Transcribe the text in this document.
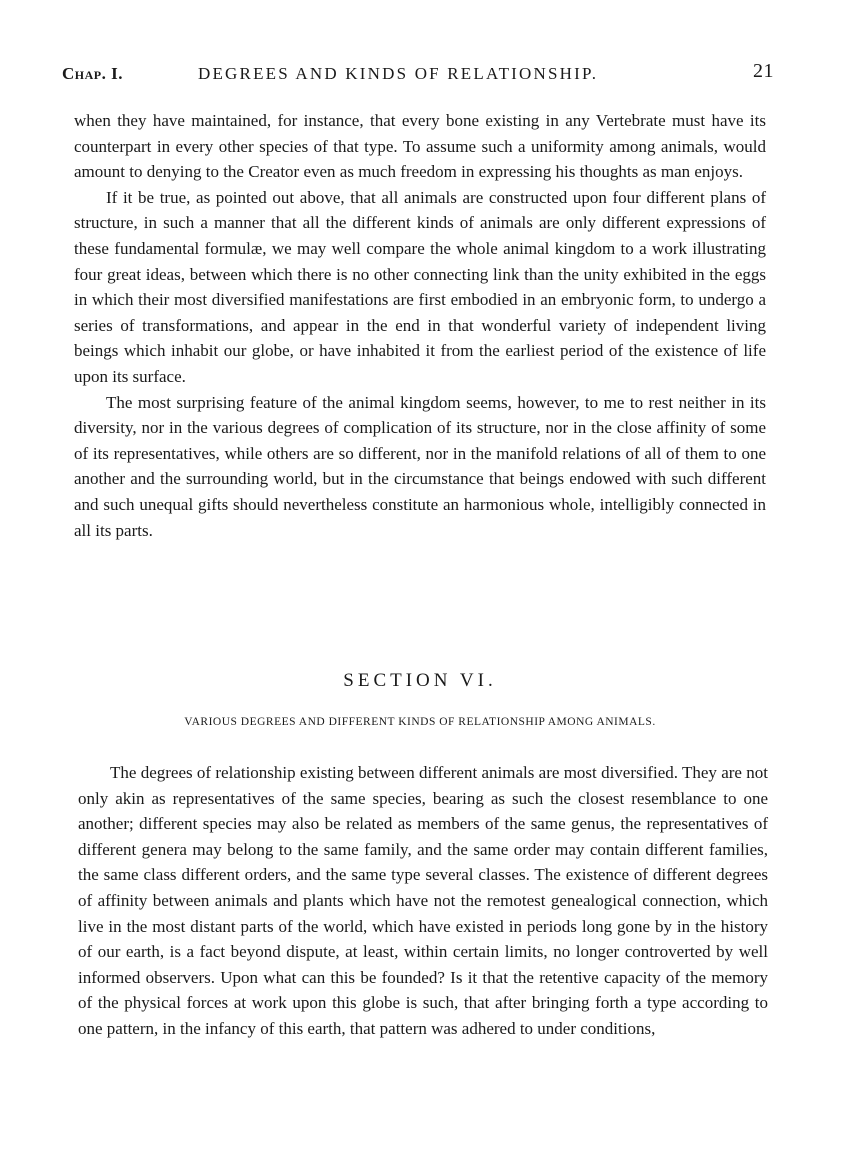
Chap. I.	DEGREES AND KINDS OF RELATIONSHIP.	21

when they have maintained, for instance, that every bone existing in any Vertebrate must have its counterpart in every other species of that type. To assume such a uniformity among animals, would amount to denying to the Creator even as much freedom in expressing his thoughts as man enjoys.

If it be true, as pointed out above, that all animals are constructed upon four different plans of structure, in such a manner that all the different kinds of animals are only different expressions of these fundamental formulæ, we may well compare the whole animal kingdom to a work illustrating four great ideas, between which there is no other connecting link than the unity exhibited in the eggs in which their most diversified manifestations are first embodied in an embryonic form, to undergo a series of transformations, and appear in the end in that wonderful variety of independent living beings which inhabit our globe, or have inhabited it from the earliest period of the existence of life upon its surface.

The most surprising feature of the animal kingdom seems, however, to me to rest neither in its diversity, nor in the various degrees of complication of its structure, nor in the close affinity of some of its representatives, while others are so different, nor in the manifold relations of all of them to one another and the surrounding world, but in the circumstance that beings endowed with such different and such unequal gifts should nevertheless constitute an harmonious whole, intelligibly connected in all its parts.

SECTION VI.
VARIOUS DEGREES AND DIFFERENT KINDS OF RELATIONSHIP AMONG ANIMALS.

The degrees of relationship existing between different animals are most diversified. They are not only akin as representatives of the same species, bearing as such the closest resemblance to one another; different species may also be related as members of the same genus, the representatives of different genera may belong to the same family, and the same order may contain different families, the same class different orders, and the same type several classes. The existence of different degrees of affinity between animals and plants which have not the remotest genealogical connection, which live in the most distant parts of the world, which have existed in periods long gone by in the history of our earth, is a fact beyond dispute, at least, within certain limits, no longer controverted by well informed observers. Upon what can this be founded? Is it that the retentive capacity of the memory of the physical forces at work upon this globe is such, that after bringing forth a type according to one pattern, in the infancy of this earth, that pattern was adhered to under conditions,
